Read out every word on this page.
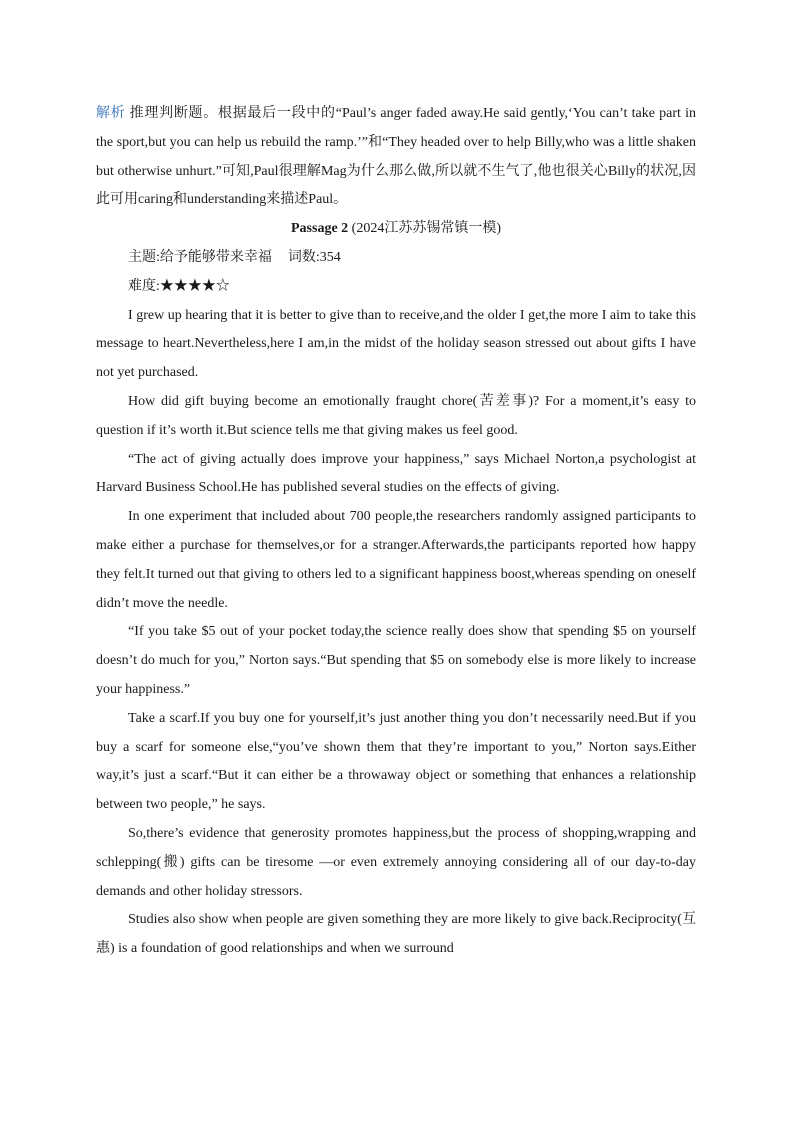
解析 推理判断题。根据最后一段中的“Paul’s anger faded away.He said gently,‘You can’t take part in the sport,but you can help us rebuild the ramp.’”和“They headed over to help Billy,who was a little shaken but otherwise unhurt.”可知,Paul很理解Mag为什么那么做,所以就不生气了,他也很关心Billy的状况,因此可用caring和understanding来描述Paul。

Passage 2 (2024江苏苏锡常镇一模)

主题:给予能够带来幸福 词数:354

难度:★★★★☆

I grew up hearing that it is better to give than to receive,and the older I get,the more I aim to take this message to heart.Nevertheless,here I am,in the midst of the holiday season stressed out about gifts I have not yet purchased.

How did gift buying become an emotionally fraught chore(苦差事)? For a moment,it’s easy to question if it’s worth it.But science tells me that giving makes us feel good.

“The act of giving actually does improve your happiness,” says Michael Norton,a psychologist at Harvard Business School.He has published several studies on the effects of giving.

In one experiment that included about 700 people,the researchers randomly assigned participants to make either a purchase for themselves,or for a stranger.Afterwards,the participants reported how happy they felt.It turned out that giving to others led to a significant happiness boost,whereas spending on oneself didn’t move the needle.

“If you take $5 out of your pocket today,the science really does show that spending $5 on yourself doesn’t do much for you,” Norton says.“But spending that $5 on somebody else is more likely to increase your happiness.”

Take a scarf.If you buy one for yourself,it’s just another thing you don’t necessarily need.But if you buy a scarf for someone else,“you’ve shown them that they’re important to you,” Norton says.Either way,it’s just a scarf.“But it can either be a throwaway object or something that enhances a relationship between two people,” he says.

So,there’s evidence that generosity promotes happiness,but the process of shopping,wrapping and schlepping(搬) gifts can be tiresome —or even extremely annoying considering all of our day-to-day demands and other holiday stressors.

Studies also show when people are given something they are more likely to give back.Reciprocity(互惠) is a foundation of good relationships and when we surround
